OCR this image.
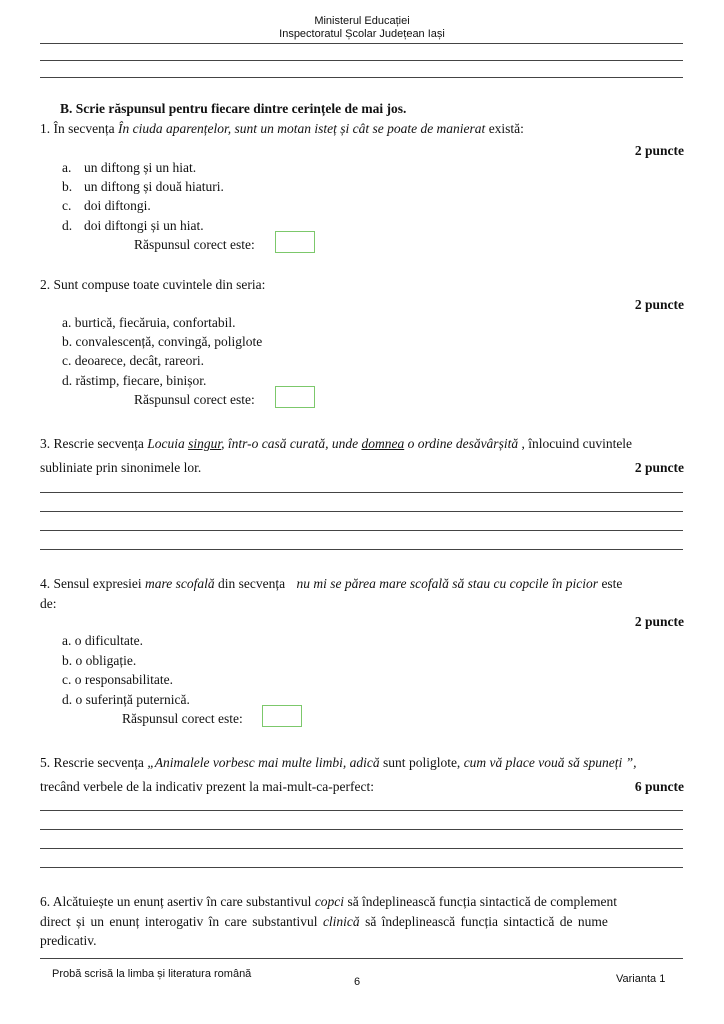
Ministerul Educației
Inspectoratul Școlar Județean Iași
B. Scrie răspunsul pentru fiecare dintre cerințele de mai jos.
1. În secvența În ciuda aparențelor, sunt un motan isteț și cât se poate de manierat există:
2 puncte
a. un diftong și un hiat.
b. un diftong și două hiaturi.
c. doi diftongi.
d. doi diftongi și un hiat.
Răspunsul corect este:
2. Sunt compuse toate cuvintele din seria:
2 puncte
a. burtică, fiecăruia, confortabil.
b. convalescență, convingă, poliglote
c. deoarece, decât, rareori.
d. răstimp, fiecare, binișor.
Răspunsul corect este:
3. Rescrie secvența Locuia singur, într-o casă curată, unde domnea o ordine desăvârșită , înlocuind cuvintele
subliniate prin sinonimele lor.	2 puncte
4. Sensul expresiei mare scofală din secvența nu mi se părea mare scofală să stau cu copcile în picior este
de:
2 puncte
a. o dificultate.
b. o obligație.
c. o responsabilitate.
d. o suferință puternică.
Răspunsul corect este:
5. Rescrie secvența „Animalele vorbesc mai multe limbi, adică sunt poliglote, cum vă place vouă să spuneți ”,
trecând verbele de la indicativ prezent la mai-mult-ca-perfect:	6 puncte
6. Alcătuiește un enunț asertiv în care substantivul copci să îndeplinească funcția sintactică de complement
direct și un enunț interogativ în care substantivul clinică să îndeplinească funcția sintactică de nume
predicativ.
Probă scrisă la limba și literatura română
6	Varianta 1
